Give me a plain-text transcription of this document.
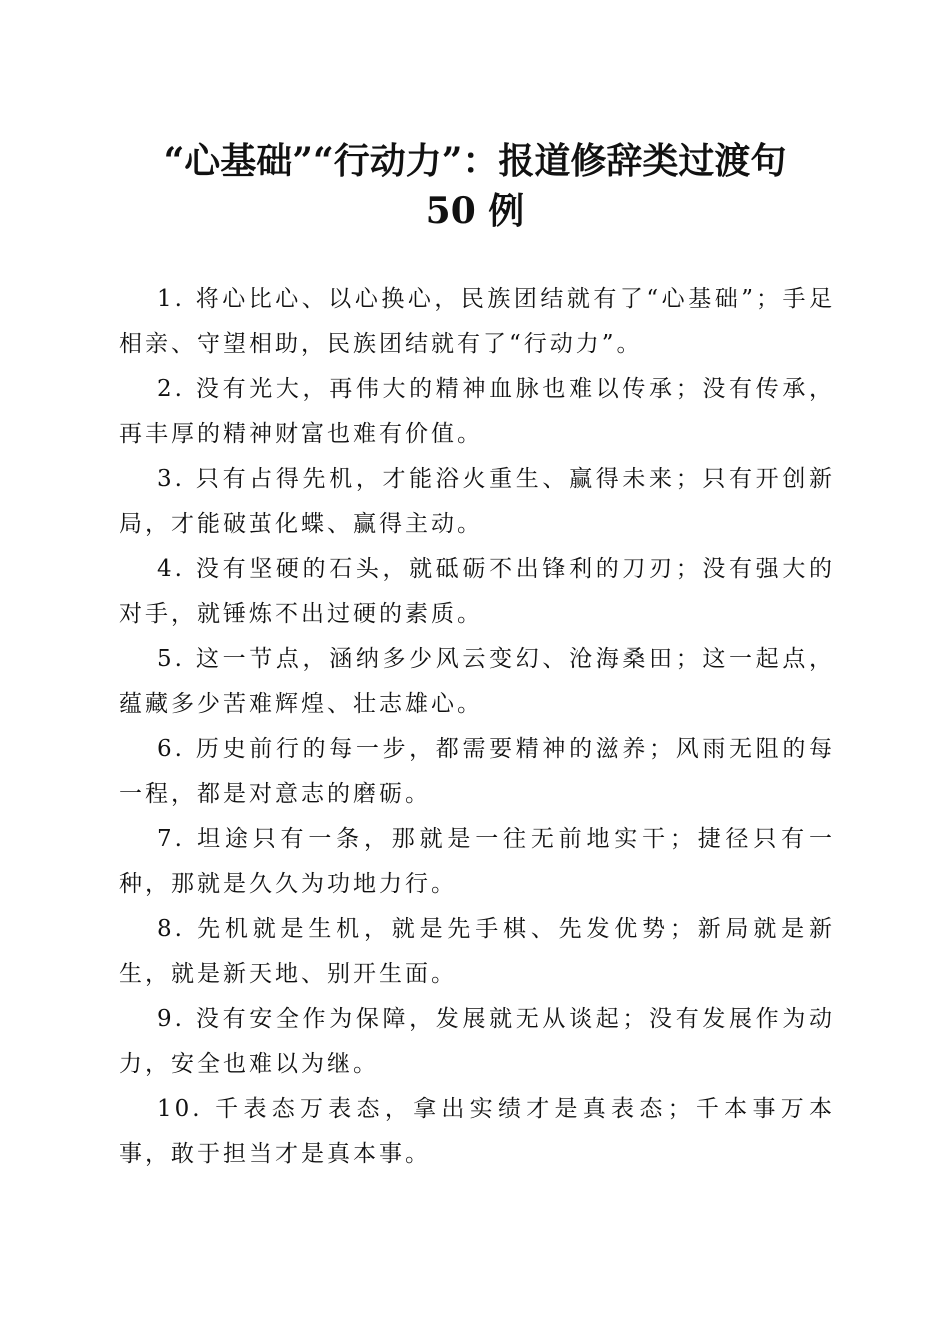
“心基础”“行动力”：报道修辞类过渡句
50 例

1. 将心比心、以心换心，民族团结就有了“心基础”；手足相亲、守望相助，民族团结就有了“行动力”。

2. 没有光大，再伟大的精神血脉也难以传承；没有传承，再丰厚的精神财富也难有价值。

3. 只有占得先机，才能浴火重生、赢得未来；只有开创新局，才能破茧化蝶、赢得主动。

4. 没有坚硬的石头，就砥砺不出锋利的刀刃；没有强大的对手，就锤炼不出过硬的素质。

5. 这一节点，涵纳多少风云变幻、沧海桑田；这一起点，蕴藏多少苦难辉煌、壮志雄心。

6. 历史前行的每一步，都需要精神的滋养；风雨无阻的每一程，都是对意志的磨砺。

7. 坦途只有一条，那就是一往无前地实干；捷径只有一种，那就是久久为功地力行。

8. 先机就是生机，就是先手棋、先发优势；新局就是新生，就是新天地、别开生面。

9. 没有安全作为保障，发展就无从谈起；没有发展作为动力，安全也难以为继。

10. 千表态万表态，拿出实绩才是真表态；千本事万本事，敢于担当才是真本事。
